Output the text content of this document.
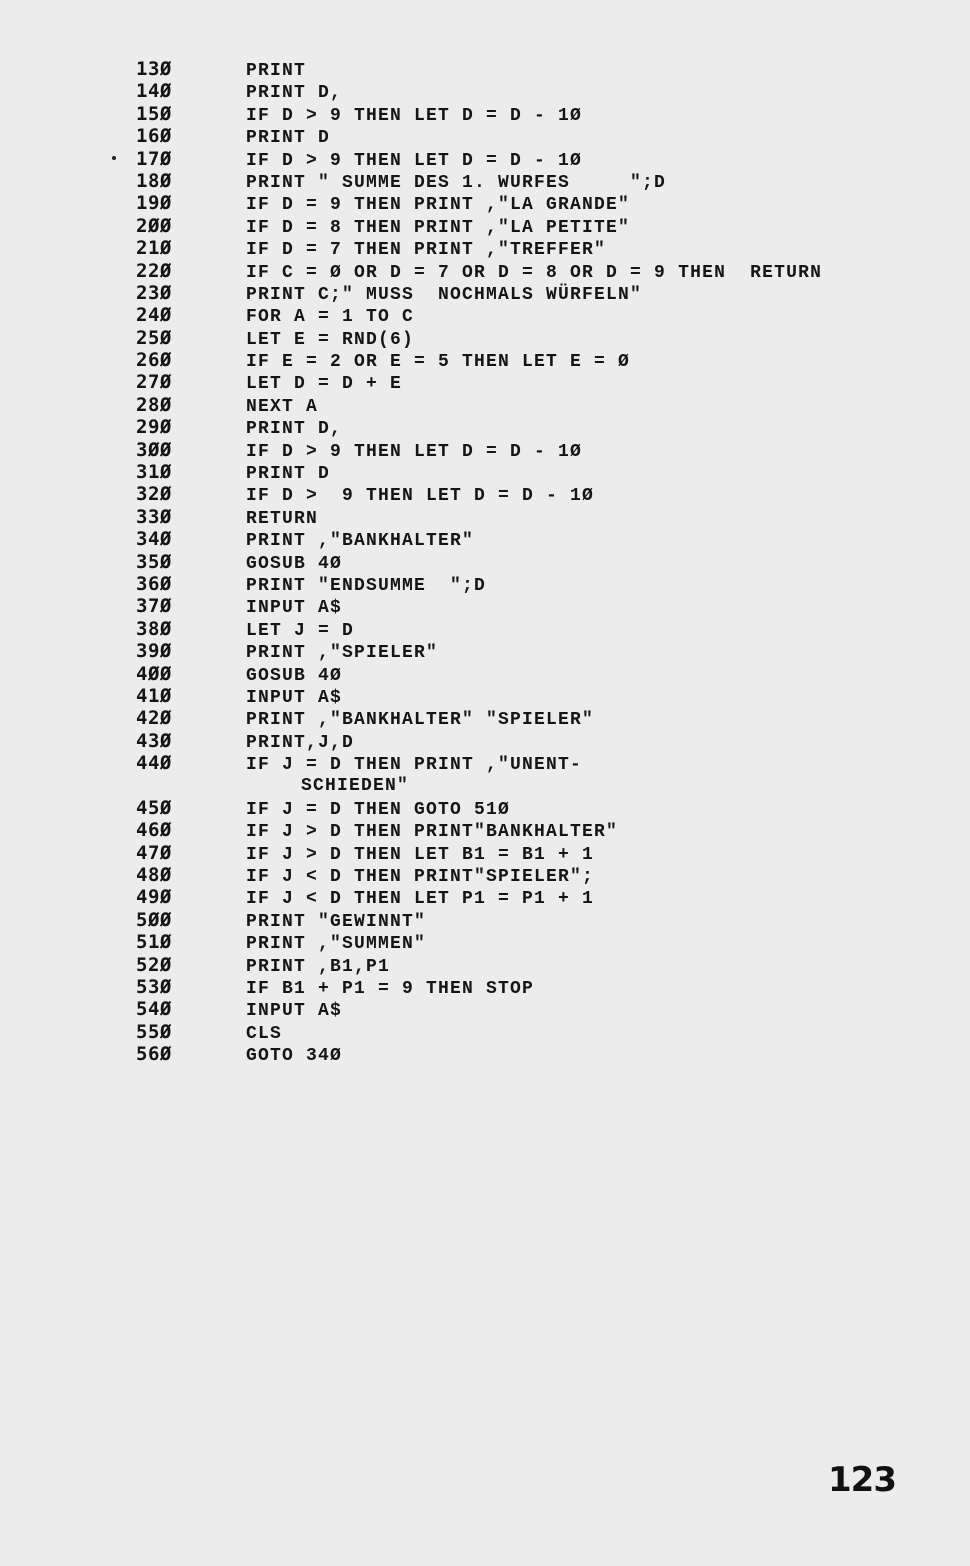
13Ø	PRINT
14Ø	PRINT D,
15Ø	IF D > 9 THEN LET D = D - 1Ø
16Ø	PRINT D
17Ø	IF D > 9 THEN LET D = D - 1Ø
18Ø	PRINT " SUMME DES 1. WURFES     ";D
19Ø	IF D = 9 THEN PRINT ,"LA GRANDE"
2ØØ	IF D = 8 THEN PRINT ,"LA PETITE"
21Ø	IF D = 7 THEN PRINT ,"TREFFER"
22Ø	IF C = Ø OR D = 7 OR D = 8 OR D = 9 THEN  RETURN
23Ø	PRINT C;" MUSS  NOCHMALS WÜRFELN"
24Ø	FOR A = 1 TO C
25Ø	LET E = RND(6)
26Ø	IF E = 2 OR E = 5 THEN LET E = Ø
27Ø	LET D = D + E
28Ø	NEXT A
29Ø	PRINT D,
3ØØ	IF D > 9 THEN LET D = D - 1Ø
31Ø	PRINT D
32Ø	IF D >  9 THEN LET D = D - 1Ø
33Ø	RETURN
34Ø	PRINT ,"BANKHALTER"
35Ø	GOSUB 4Ø
36Ø	PRINT "ENDSUMME  ";D
37Ø	INPUT A$
38Ø	LET J = D
39Ø	PRINT ,"SPIELER"
4ØØ	GOSUB 4Ø
41Ø	INPUT A$
42Ø	PRINT ,"BANKHALTER" "SPIELER"
43Ø	PRINT,J,D
44Ø	IF J = D THEN PRINT ,"UNENT-
SCHIEDEN"
45Ø	IF J = D THEN GOTO 51Ø
46Ø	IF J > D THEN PRINT"BANKHALTER"
47Ø	IF J > D THEN LET B1 = B1 + 1
48Ø	IF J < D THEN PRINT"SPIELER";
49Ø	IF J < D THEN LET P1 = P1 + 1
5ØØ	PRINT "GEWINNT"
51Ø	PRINT ,"SUMMEN"
52Ø	PRINT ,B1,P1
53Ø	IF B1 + P1 = 9 THEN STOP
54Ø	INPUT A$
55Ø	CLS
56Ø	GOTO 34Ø
123
